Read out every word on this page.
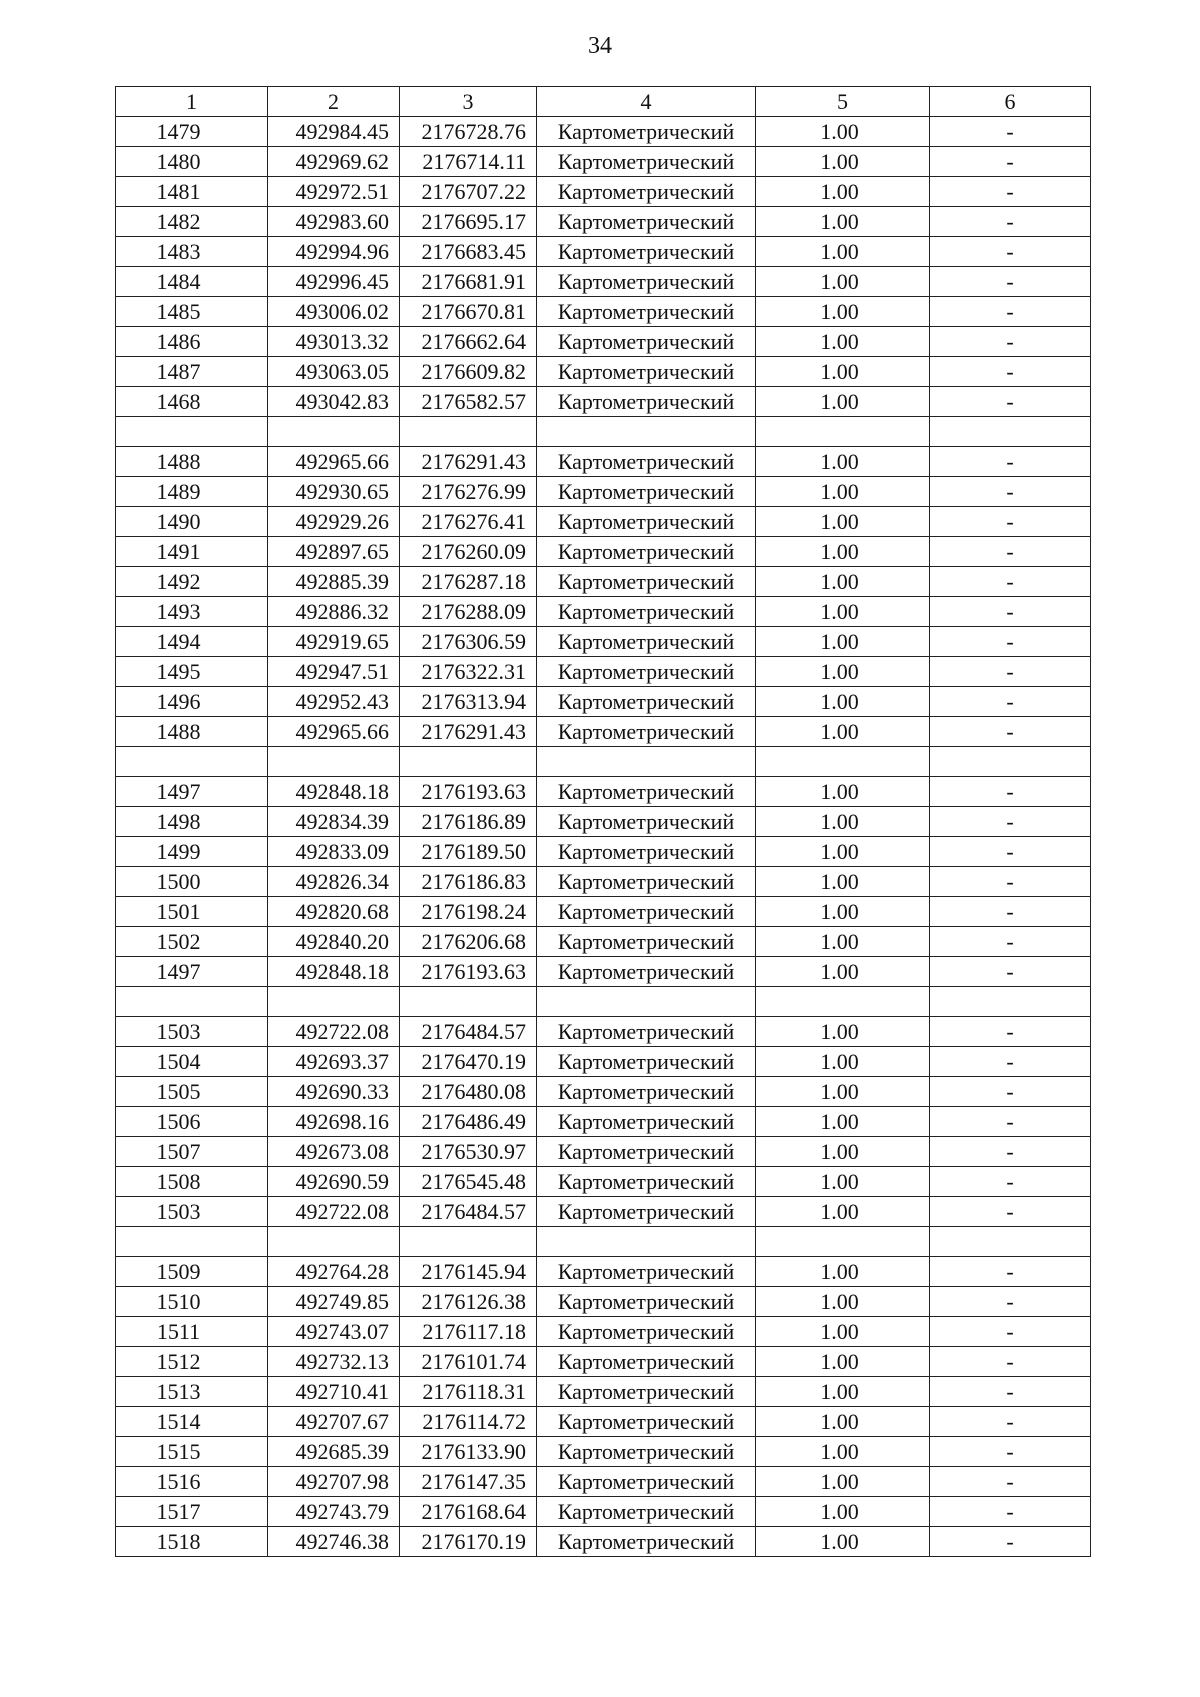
34
1	2	3	4	5	6
1479	492984.45	2176728.76	Картометрический	1.00	-
1480	492969.62	2176714.11	Картометрический	1.00	-
1481	492972.51	2176707.22	Картометрический	1.00	-
1482	492983.60	2176695.17	Картометрический	1.00	-
1483	492994.96	2176683.45	Картометрический	1.00	-
1484	492996.45	2176681.91	Картометрический	1.00	-
1485	493006.02	2176670.81	Картометрический	1.00	-
1486	493013.32	2176662.64	Картометрический	1.00	-
1487	493063.05	2176609.82	Картометрический	1.00	-
1468	493042.83	2176582.57	Картометрический	1.00	-

1488	492965.66	2176291.43	Картометрический	1.00	-
1489	492930.65	2176276.99	Картометрический	1.00	-
1490	492929.26	2176276.41	Картометрический	1.00	-
1491	492897.65	2176260.09	Картометрический	1.00	-
1492	492885.39	2176287.18	Картометрический	1.00	-
1493	492886.32	2176288.09	Картометрический	1.00	-
1494	492919.65	2176306.59	Картометрический	1.00	-
1495	492947.51	2176322.31	Картометрический	1.00	-
1496	492952.43	2176313.94	Картометрический	1.00	-
1488	492965.66	2176291.43	Картометрический	1.00	-

1497	492848.18	2176193.63	Картометрический	1.00	-
1498	492834.39	2176186.89	Картометрический	1.00	-
1499	492833.09	2176189.50	Картометрический	1.00	-
1500	492826.34	2176186.83	Картометрический	1.00	-
1501	492820.68	2176198.24	Картометрический	1.00	-
1502	492840.20	2176206.68	Картометрический	1.00	-
1497	492848.18	2176193.63	Картометрический	1.00	-

1503	492722.08	2176484.57	Картометрический	1.00	-
1504	492693.37	2176470.19	Картометрический	1.00	-
1505	492690.33	2176480.08	Картометрический	1.00	-
1506	492698.16	2176486.49	Картометрический	1.00	-
1507	492673.08	2176530.97	Картометрический	1.00	-
1508	492690.59	2176545.48	Картометрический	1.00	-
1503	492722.08	2176484.57	Картометрический	1.00	-

1509	492764.28	2176145.94	Картометрический	1.00	-
1510	492749.85	2176126.38	Картометрический	1.00	-
1511	492743.07	2176117.18	Картометрический	1.00	-
1512	492732.13	2176101.74	Картометрический	1.00	-
1513	492710.41	2176118.31	Картометрический	1.00	-
1514	492707.67	2176114.72	Картометрический	1.00	-
1515	492685.39	2176133.90	Картометрический	1.00	-
1516	492707.98	2176147.35	Картометрический	1.00	-
1517	492743.79	2176168.64	Картометрический	1.00	-
1518	492746.38	2176170.19	Картометрический	1.00	-
